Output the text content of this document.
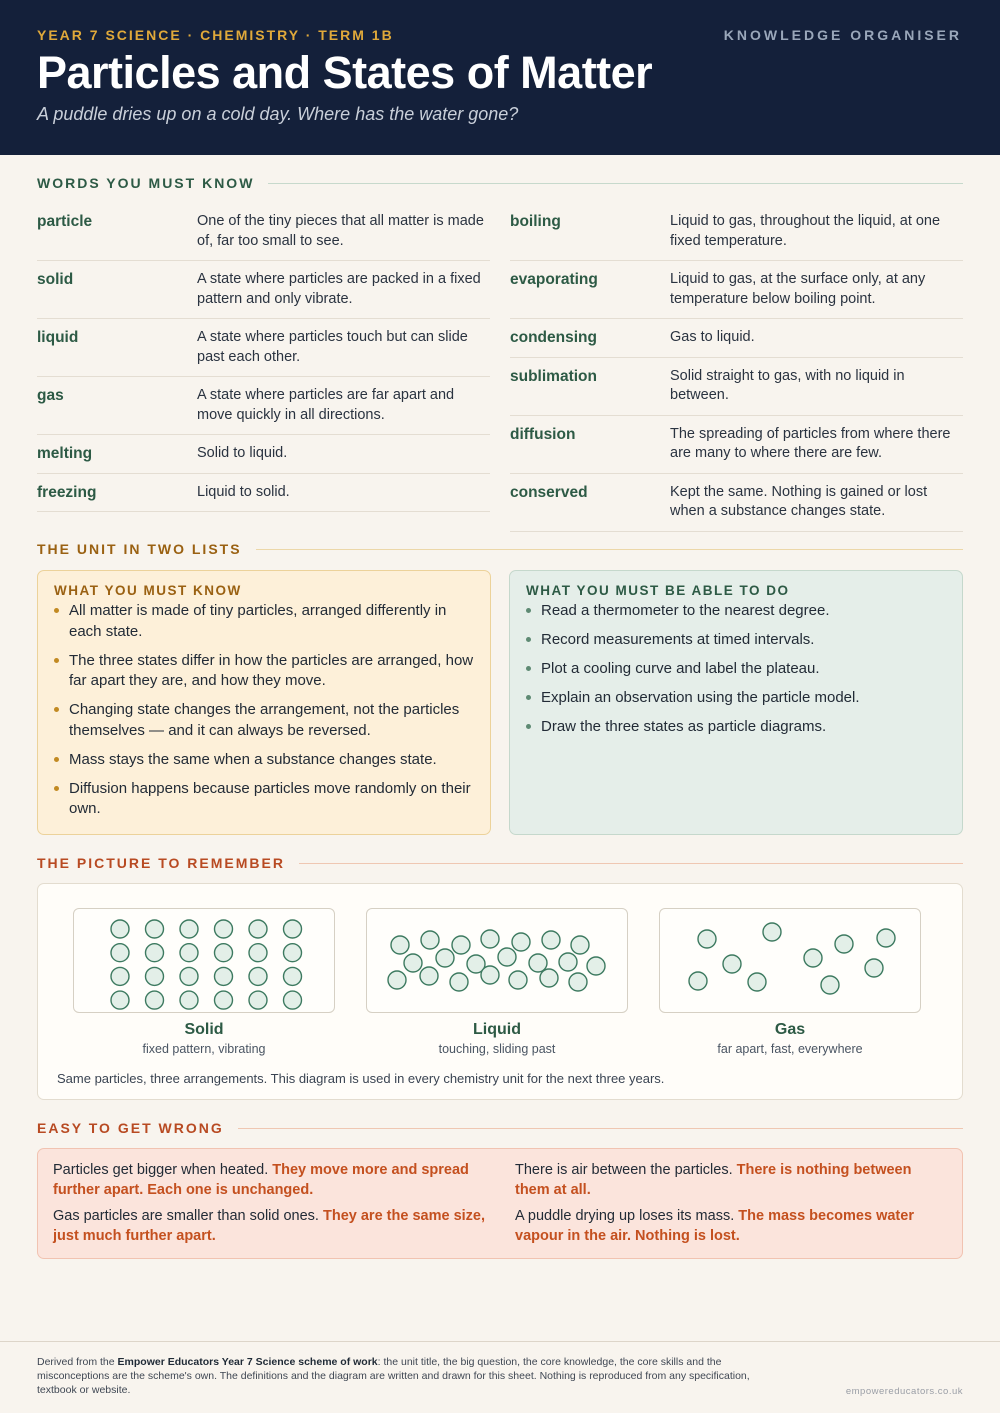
YEAR 7 SCIENCE · CHEMISTRY · TERM 1B	KNOWLEDGE ORGANISER
Particles and States of Matter
A puddle dries up on a cold day. Where has the water gone?
WORDS YOU MUST KNOW
particle	One of the tiny pieces that all matter is made of, far too small to see.
solid	A state where particles are packed in a fixed pattern and only vibrate.
liquid	A state where particles touch but can slide past each other.
gas	A state where particles are far apart and move quickly in all directions.
melting	Solid to liquid.
freezing	Liquid to solid.
boiling	Liquid to gas, throughout the liquid, at one fixed temperature.
evaporating	Liquid to gas, at the surface only, at any temperature below boiling point.
condensing	Gas to liquid.
sublimation	Solid straight to gas, with no liquid in between.
diffusion	The spreading of particles from where there are many to where there are few.
conserved	Kept the same. Nothing is gained or lost when a substance changes state.
THE UNIT IN TWO LISTS
WHAT YOU MUST KNOW
All matter is made of tiny particles, arranged differently in each state.
The three states differ in how the particles are arranged, how far apart they are, and how they move.
Changing state changes the arrangement, not the particles themselves — and it can always be reversed.
Mass stays the same when a substance changes state.
Diffusion happens because particles move randomly on their own.
WHAT YOU MUST BE ABLE TO DO
Read a thermometer to the nearest degree.
Record measurements at timed intervals.
Plot a cooling curve and label the plateau.
Explain an observation using the particle model.
Draw the three states as particle diagrams.
THE PICTURE TO REMEMBER
Solid
fixed pattern, vibrating
Liquid
touching, sliding past
Gas
far apart, fast, everywhere
Same particles, three arrangements. This diagram is used in every chemistry unit for the next three years.
EASY TO GET WRONG

Particles get bigger when heated. They move more and spread further apart. Each one is unchanged.

Gas particles are smaller than solid ones. They are the same size, just much further apart.

There is air between the particles. There is nothing between them at all.

A puddle drying up loses its mass. The mass becomes water vapour in the air. Nothing is lost.

Derived from the Empower Educators Year 7 Science scheme of work: the unit title, the big question, the core knowledge, the core skills and the misconceptions are the scheme's own. The definitions and the diagram are written and drawn for this sheet. Nothing is reproduced from any specification, textbook or website.	empowereducators.co.uk
